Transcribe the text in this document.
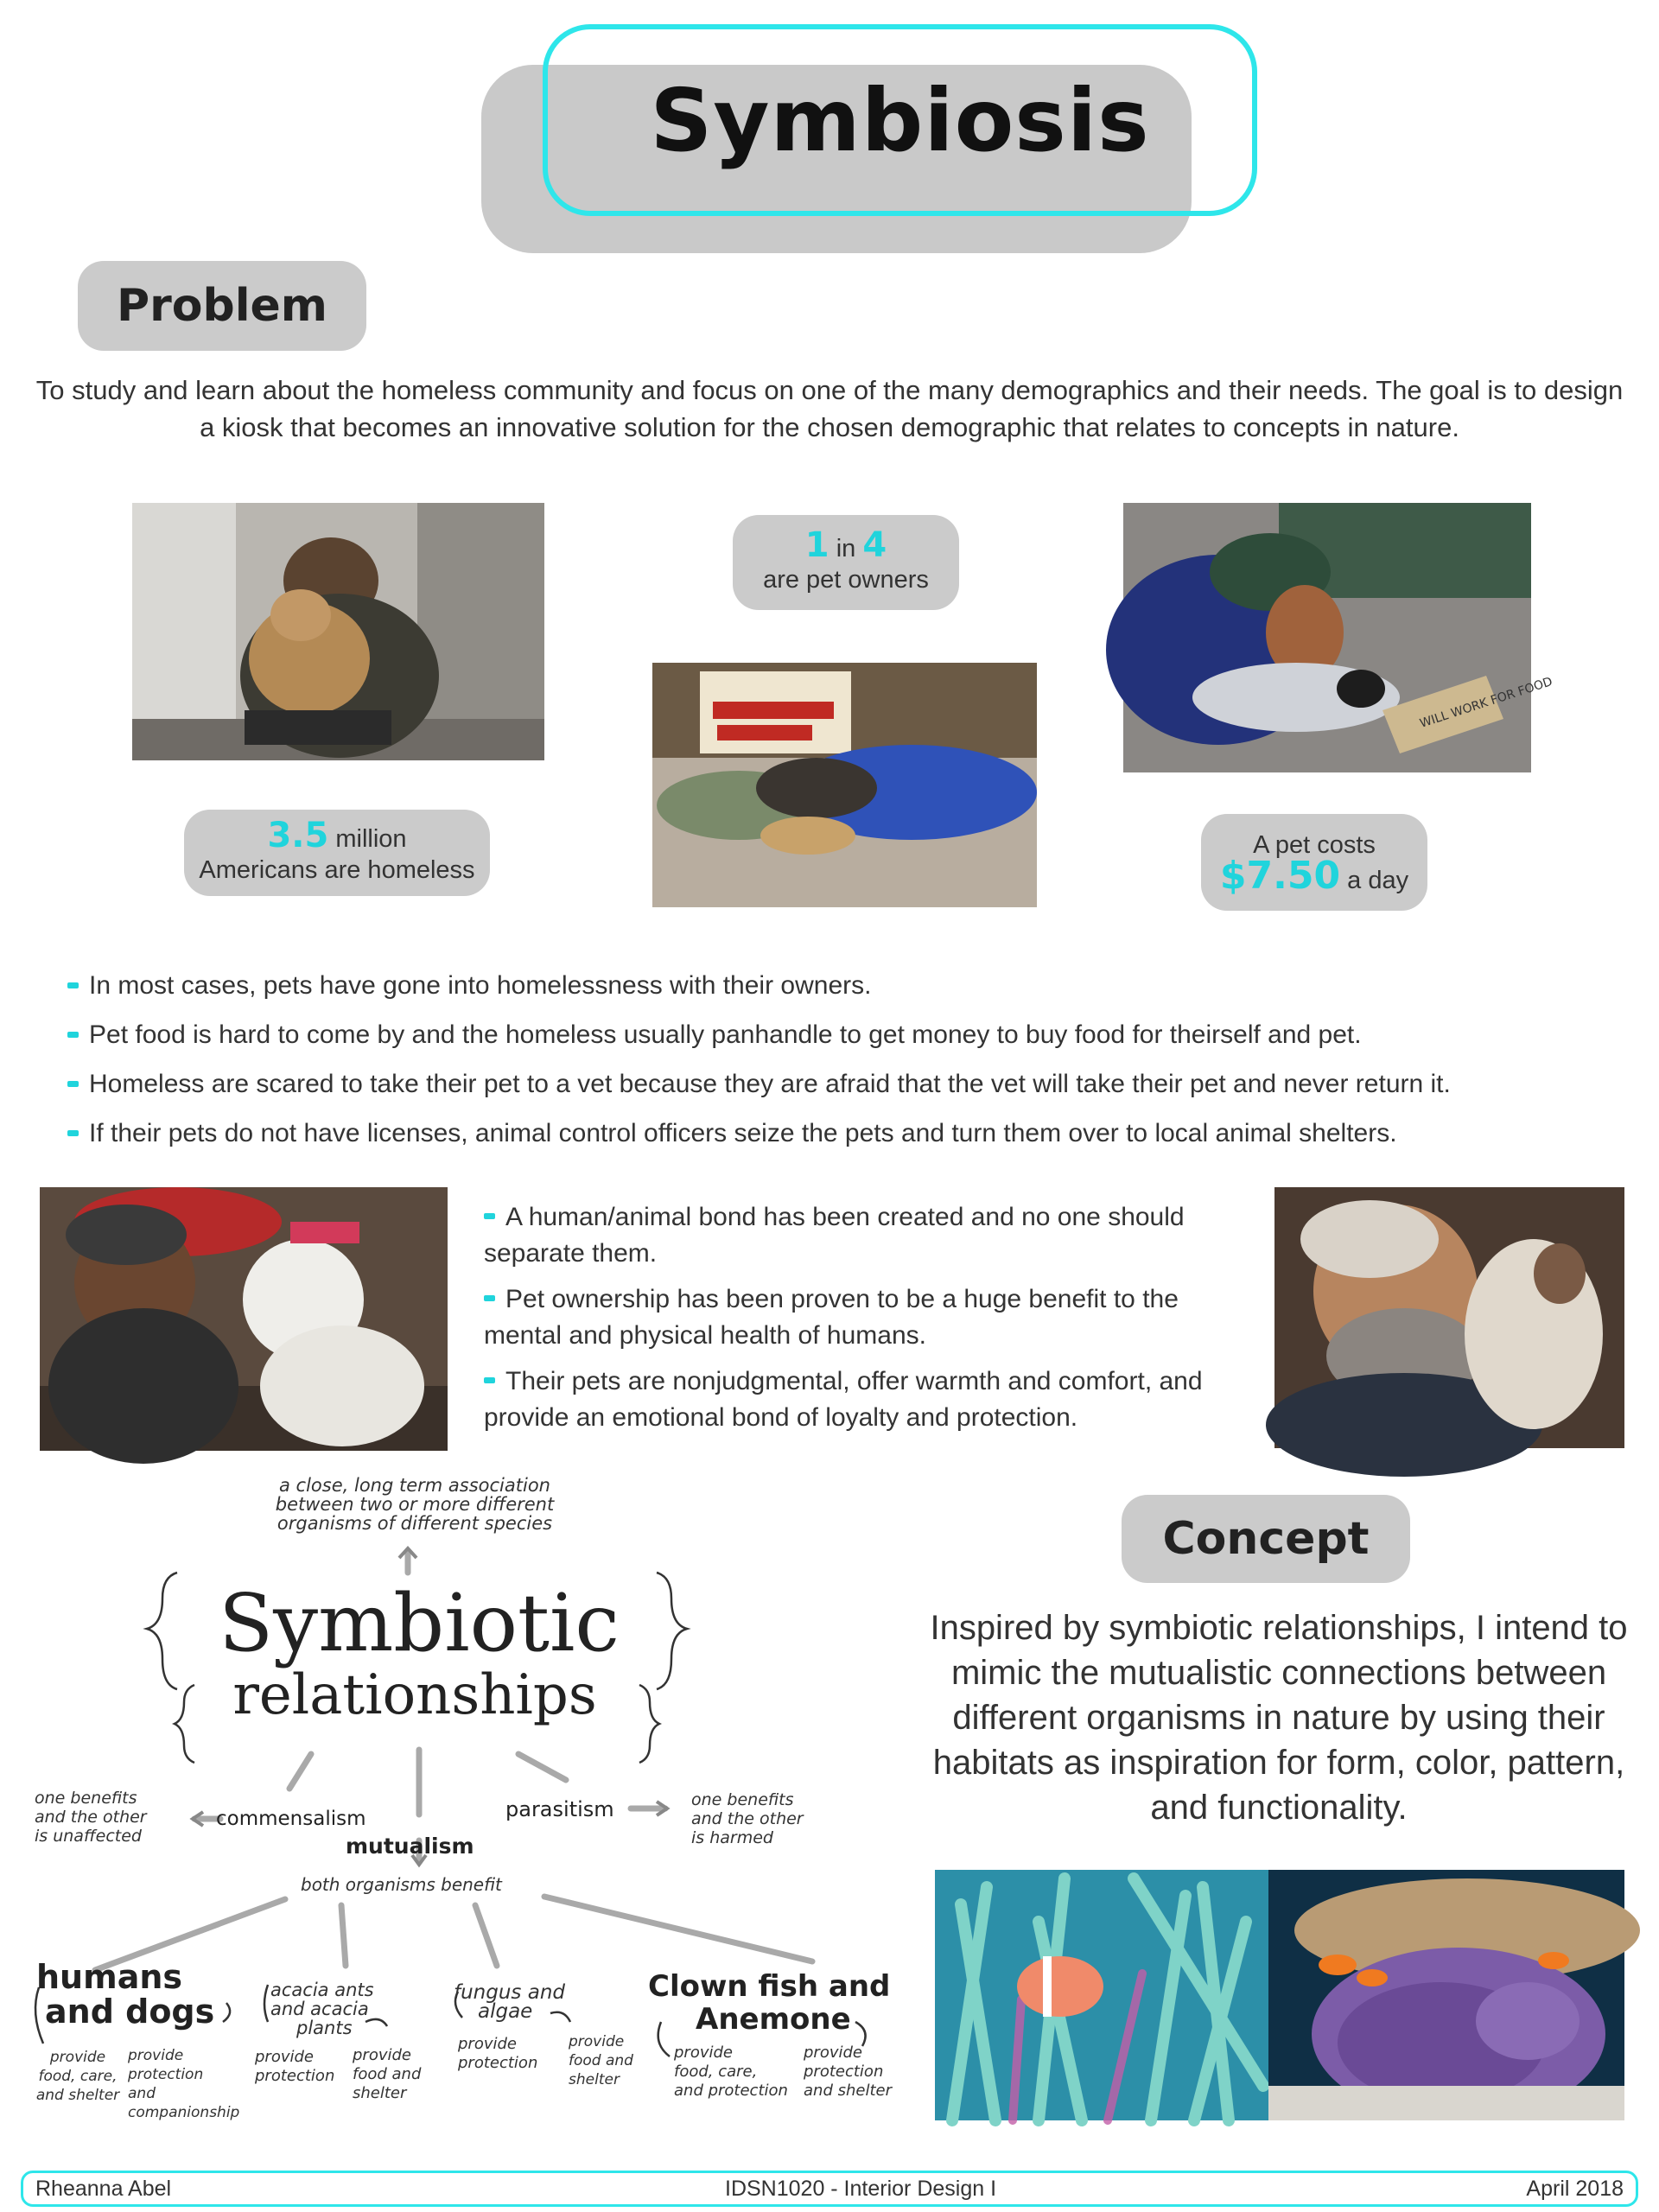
Symbiosis
Problem
To study and learn about the homeless community and focus on one of the many demographics and their needs. The goal is to design a kiosk that becomes an innovative solution for the chosen demographic that relates to concepts in nature.
1 in 4
are pet owners
WILL WORK FOR FOOD
3.5 million
Americans are homeless
A pet costs
$7.50 a day
In most cases, pets have gone into homelessness with their owners.
Pet food is hard to come by and the homeless usually panhandle to get money to buy food for theirself and pet.
Homeless are scared to take their pet to a vet because they are afraid that the vet will take their pet and never return it.
If their pets do not have licenses, animal control officers seize the pets and turn them over to local animal shelters.
A human/animal bond has been created and no one should separate them.
Pet ownership has been proven to be a huge benefit to the mental and physical health of humans.
Their pets are nonjudgmental, offer warmth and comfort, and provide an emotional bond of loyalty and protection.
a close, long term association
between two or more different
organisms of different species
Symbiotic
relationships
one benefits
and the other
is unaffected
commensalism	parasitism	one benefits
and the other
is harmed
mutualism
both organisms benefit
humans
and dogs
provide
food, care,
and shelter
provide
protection
and
companionship
acacia ants
and acacia
plants
provide
protection
provide
food and
shelter
fungus and
algae
provide
protection
provide
food and
shelter
Clown fish and
Anemone
provide
food, care,
and protection
provide
protection
and shelter
Concept
Inspired by symbiotic relationships, I intend to mimic the mutualistic connections between different organisms in nature by using their habitats as inspiration for form, color, pattern, and functionality.
Rheanna Abel	IDSN1020 - Interior Design I	April 2018
